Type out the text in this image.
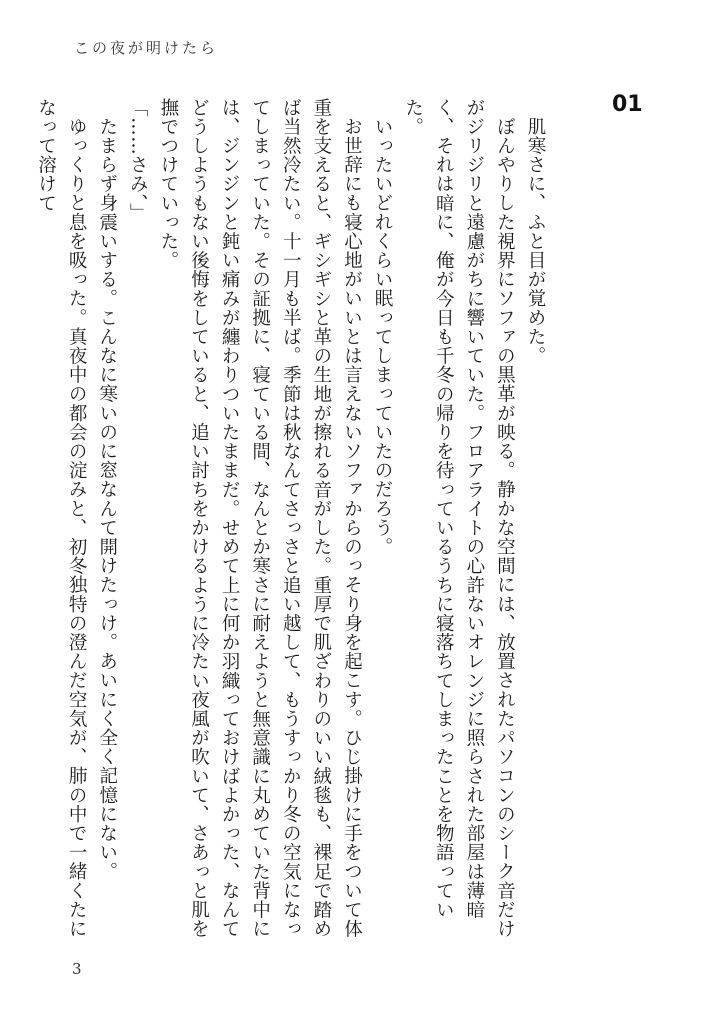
この夜が明けたら
01

肌寒さに、ふと目が覚めた。

ぼんやりした視界にソファの黒革が映る。静かな空間には、放置されたパソコンのシーク音だけがジリジリと遠慮がちに響いていた。フロアライトの心許ないオレンジに照らされた部屋は薄暗く、それは暗に、俺が今日も千冬の帰りを待っているうちに寝落ちてしまったことを物語っていた。

いったいどれくらい眠ってしまっていたのだろう。

お世辞にも寝心地がいいとは言えないソファからのっそり身を起こす。ひじ掛けに手をついて体重を支えると、ギシギシと革の生地が擦れる音がした。重厚で肌ざわりのいい絨毯も、裸足で踏めば当然冷たい。十一月も半ば。季節は秋なんてさっさと追い越して、もうすっかり冬の空気になってしまっていた。その証拠に、寝ている間、なんとか寒さに耐えようと無意識に丸めていた背中には、ジンジンと鈍い痛みが纏わりついたままだ。せめて上に何か羽織っておけばよかった、なんてどうしようもない後悔をしていると、追い討ちをかけるように冷たい夜風が吹いて、さあっと肌を撫でつけていった。

「……さみ、」

たまらず身震いする。こんなに寒いのに窓なんて開けたっけ。あいにく全く記憶にない。

ゆっくりと息を吸った。真夜中の都会の淀みと、初冬独特の澄んだ空気が、肺の中で一緒くたになって溶けて

3
